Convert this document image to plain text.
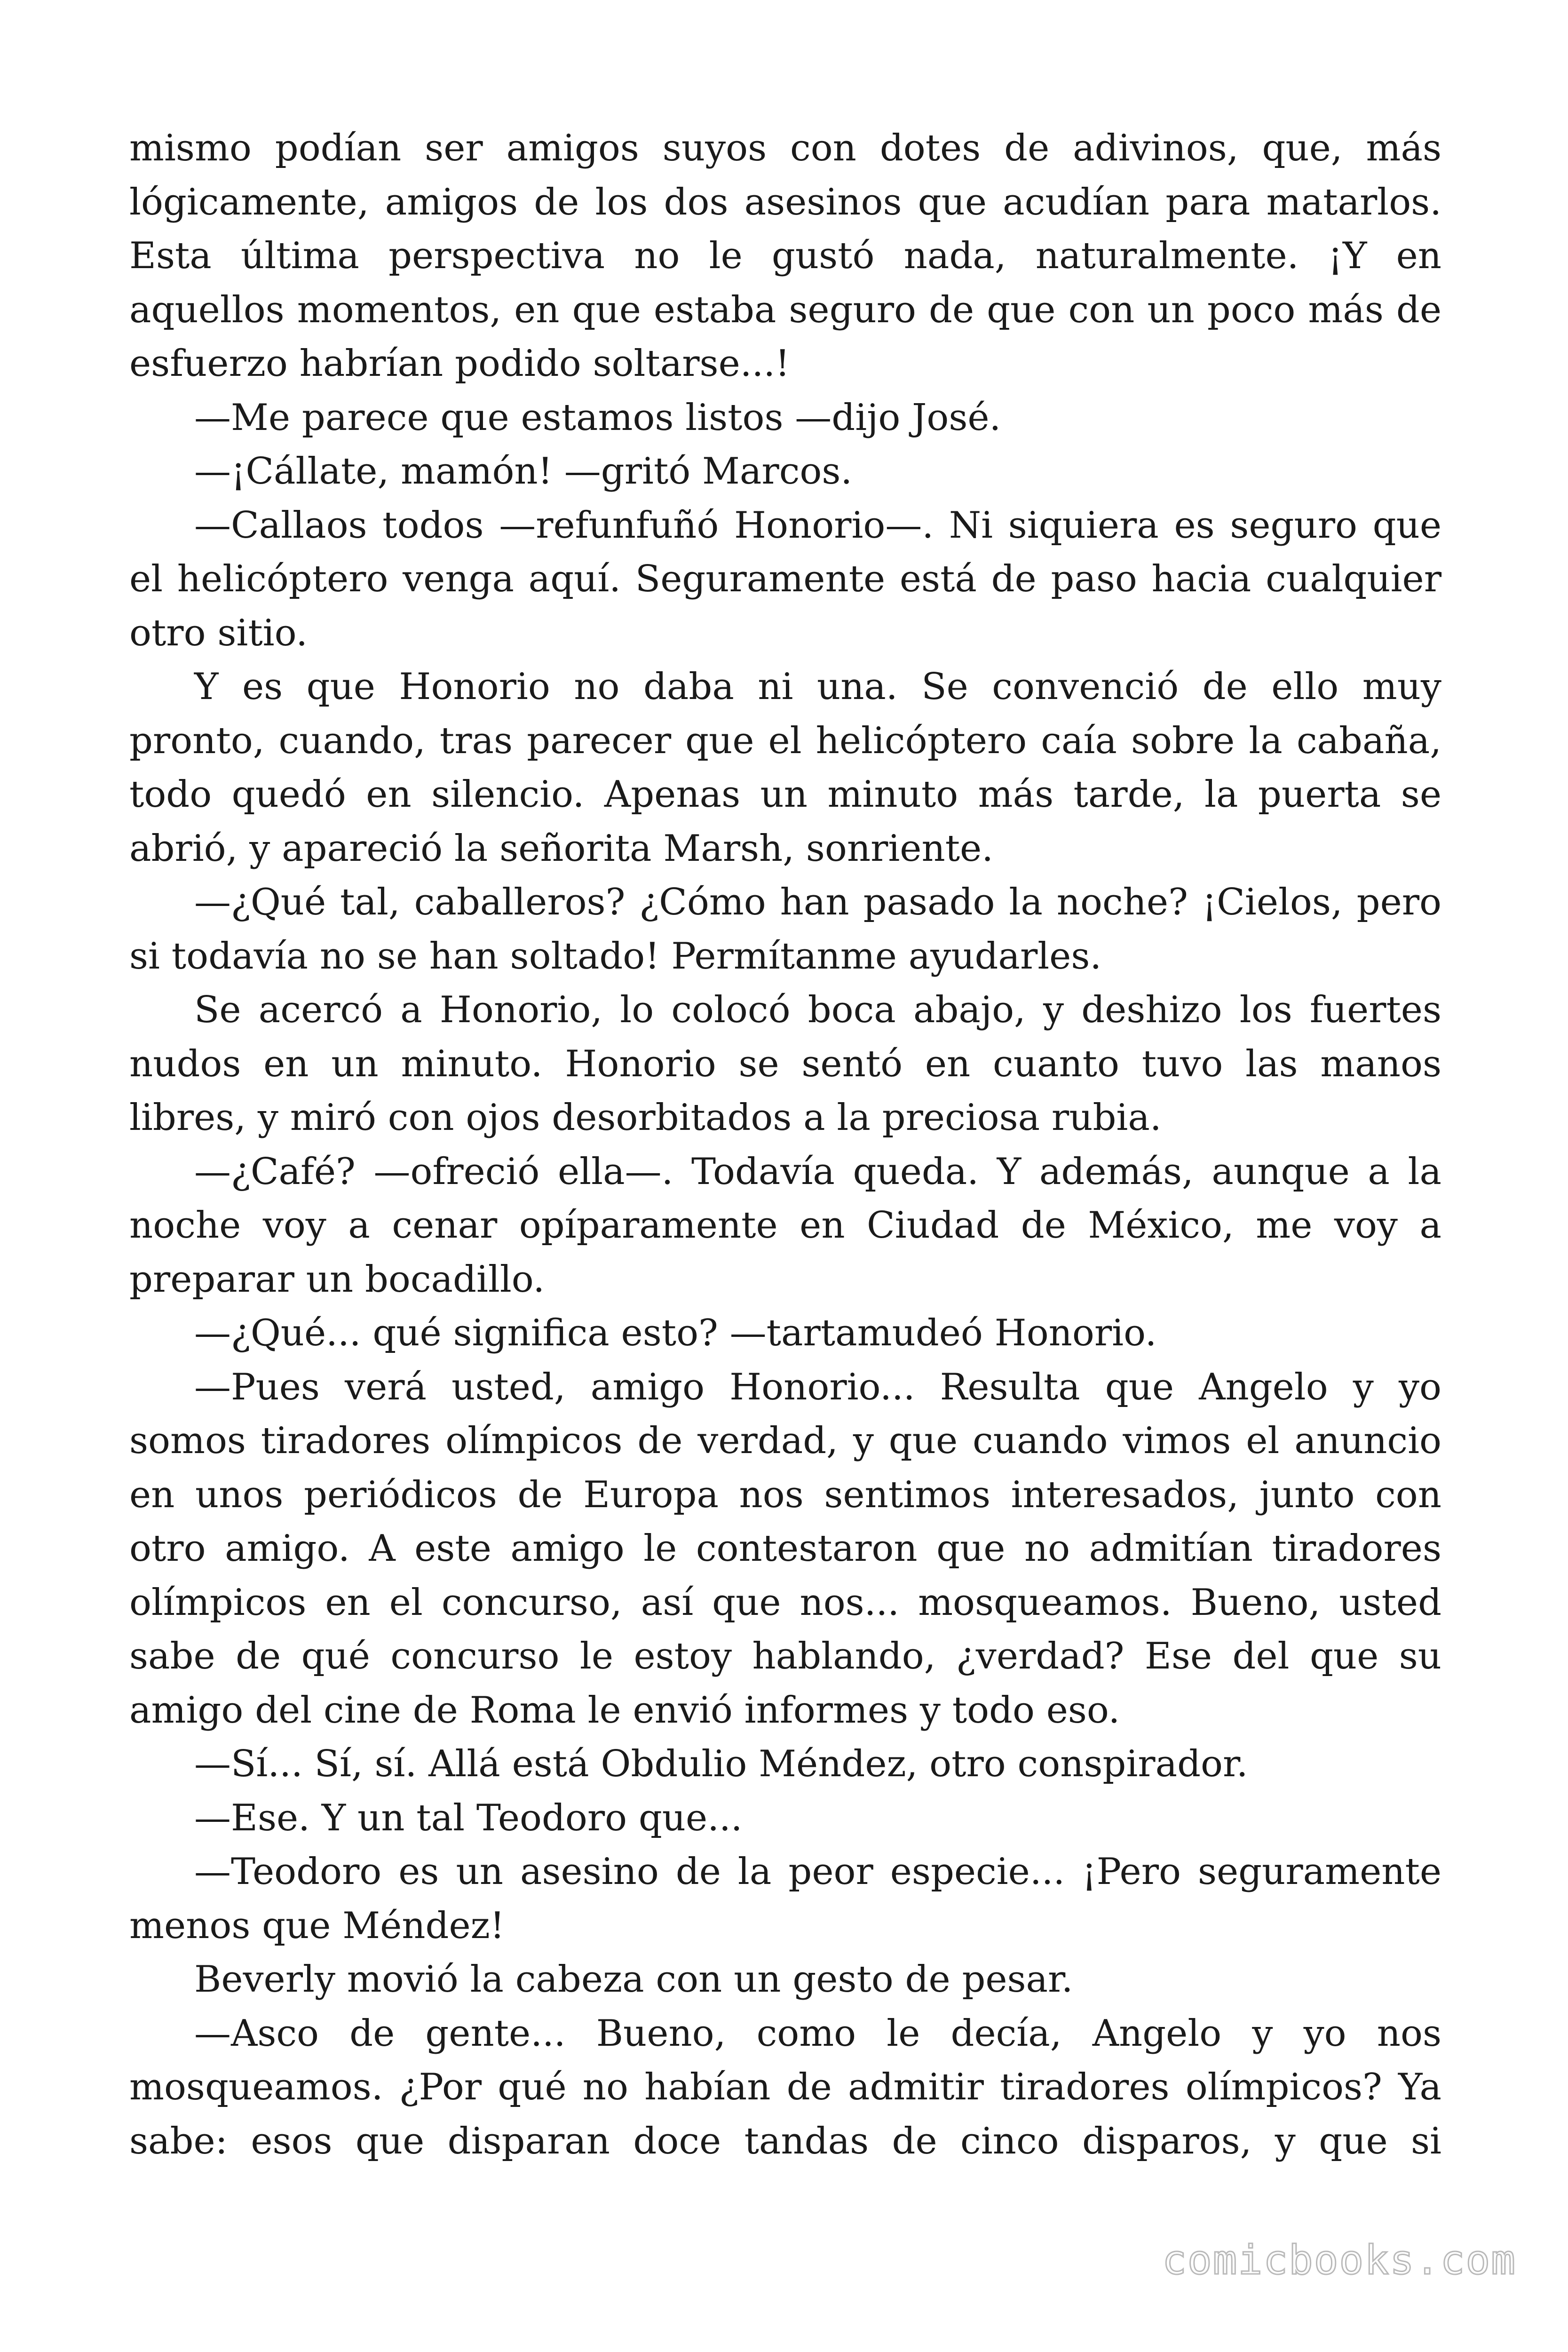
mismo podían ser amigos suyos con dotes de adivinos, que, más lógicamente, amigos de los dos asesinos que acudían para matarlos. Esta última perspectiva no le gustó nada, naturalmente. ¡Y en aquellos momentos, en que estaba seguro de que con un poco más de esfuerzo habrían podido soltarse...!

—Me parece que estamos listos —dijo José.

—¡Cállate, mamón! —gritó Marcos.

—Callaos todos —refunfuñó Honorio—. Ni siquiera es seguro que el helicóptero venga aquí. Seguramente está de paso hacia cualquier otro sitio.

Y es que Honorio no daba ni una. Se convenció de ello muy pronto, cuando, tras parecer que el helicóptero caía sobre la cabaña, todo quedó en silencio. Apenas un minuto más tarde, la puerta se abrió, y apareció la señorita Marsh, sonriente.

—¿Qué tal, caballeros? ¿Cómo han pasado la noche? ¡Cielos, pero si todavía no se han soltado! Permítanme ayudarles.

Se acercó a Honorio, lo colocó boca abajo, y deshizo los fuertes nudos en un minuto. Honorio se sentó en cuanto tuvo las manos libres, y miró con ojos desorbitados a la preciosa rubia.

—¿Café? —ofreció ella—. Todavía queda. Y además, aunque a la noche voy a cenar opíparamente en Ciudad de México, me voy a preparar un bocadillo.

—¿Qué... qué significa esto? —tartamudeó Honorio.

—Pues verá usted, amigo Honorio... Resulta que Angelo y yo somos tiradores olímpicos de verdad, y que cuando vimos el anuncio en unos periódicos de Europa nos sentimos interesados, junto con otro amigo. A este amigo le contestaron que no admitían tiradores olímpicos en el concurso, así que nos... mosqueamos. Bueno, usted sabe de qué concurso le estoy hablando, ¿verdad? Ese del que su amigo del cine de Roma le envió informes y todo eso.

—Sí... Sí, sí. Allá está Obdulio Méndez, otro conspirador.

—Ese. Y un tal Teodoro que...

—Teodoro es un asesino de la peor especie... ¡Pero seguramente menos que Méndez!

Beverly movió la cabeza con un gesto de pesar.

—Asco de gente... Bueno, como le decía, Angelo y yo nos mosqueamos. ¿Por qué no habían de admitir tiradores olímpicos? Ya sabe: esos que disparan doce tandas de cinco disparos, y que si

comicbooks.com
